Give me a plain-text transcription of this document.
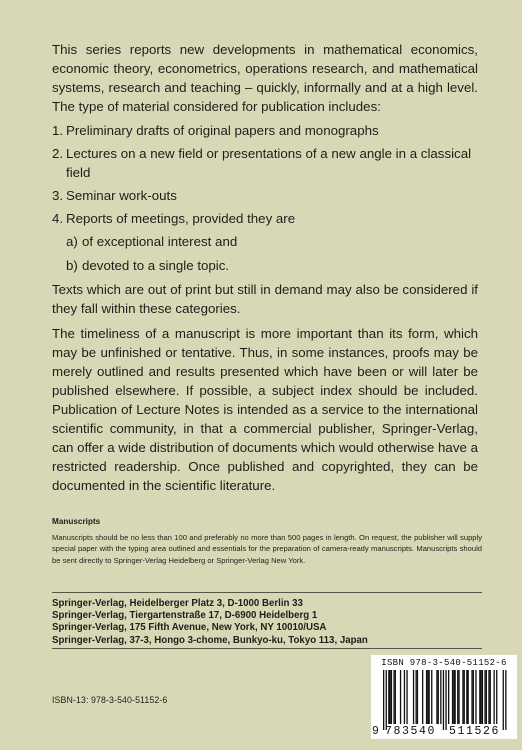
This series reports new developments in mathematical economics, economic theory, econometrics, operations research, and mathematical systems, research and teaching – quickly, informally and at a high level. The type of material considered for publication includes:

1. Preliminary drafts of original papers and monographs
2. Lectures on a new field or presentations of a new angle in a classical field
3. Seminar work-outs
4. Reports of meetings, provided they are
a) of exceptional interest and
b) devoted to a single topic.

Texts which are out of print but still in demand may also be considered if they fall within these categories.

The timeliness of a manuscript is more important than its form, which may be unfinished or tentative. Thus, in some instances, proofs may be merely outlined and results presented which have been or will later be published elsewhere. If possible, a subject index should be included. Publication of Lecture Notes is intended as a service to the international scientific community, in that a commercial publisher, Springer-Verlag, can offer a wide distribution of documents which would otherwise have a restricted readership. Once published and copyrighted, they can be documented in the scientific literature.

Manuscripts

Manuscripts should be no less than 100 and preferably no more than 500 pages in length. On request, the publisher will supply special paper with the typing area outlined and essentials for the preparation of camera-ready manuscripts. Manuscripts should be sent directly to Springer-Verlag Heidelberg or Springer-Verlag New York.

Springer-Verlag, Heidelberger Platz 3, D-1000 Berlin 33
Springer-Verlag, Tiergartenstraße 17, D-6900 Heidelberg 1
Springer-Verlag, 175 Fifth Avenue, New York, NY 10010/USA
Springer-Verlag, 37-3, Hongo 3-chome, Bunkyo-ku, Tokyo 113, Japan
ISBN-13: 978-3-540-51152-6
ISBN 978-3-540-51152-6
9 783540 511526
